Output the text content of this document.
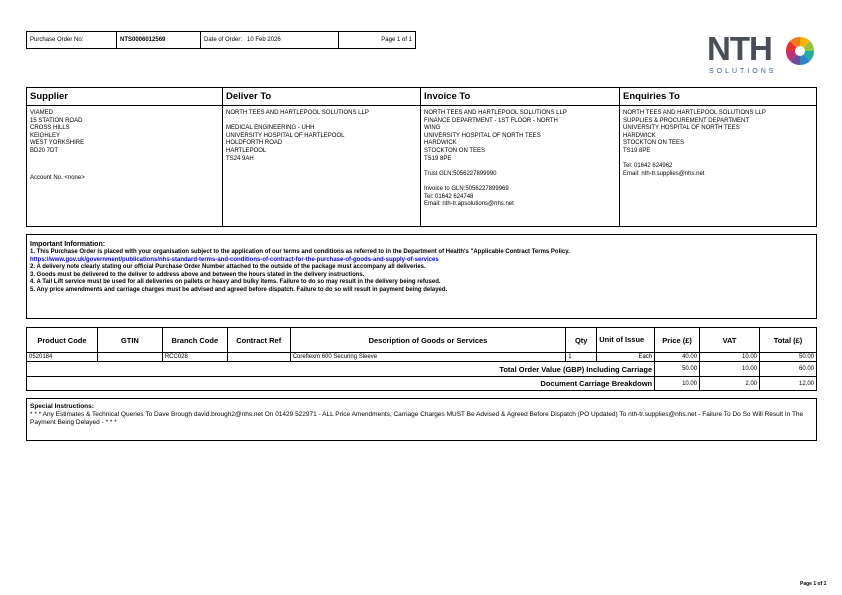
Purchase Order No:	NTS0006012569	Date of Order: 10 Feb 2026	Page 1 of 1	NTH
SOLUTIONS
Supplier
VIAMED
15 STATION ROAD
CROSS HILLS
KEIGHLEY
WEST YORKSHIRE
BD20 7DT
Account No. <none>
Deliver To
NORTH TEES AND HARTLEPOOL SOLUTIONS LLP

MEDICAL ENGINEERING - UHH
UNIVERSITY HOSPITAL OF HARTLEPOOL
HOLDFORTH ROAD
HARTLEPOOL
TS24 9AH
Invoice To
NORTH TEES AND HARTLEPOOL SOLUTIONS LLP
FINANCE DEPARTMENT - 1ST FLOOR - NORTH
WING
UNIVERSITY HOSPITAL OF NORTH TEES
HARDWICK
STOCKTON ON TEES
TS19 8PE

Trust GLN:5056227899990

Invoice to GLN:5056227899969
Tel: 01642 624748
Email: nth-tr.apsolutions@nhs.net
Enquiries To
NORTH TEES AND HARTLEPOOL SOLUTIONS LLP
SUPPLIES & PROCUREMENT DEPARTMENT
UNIVERSITY HOSPITAL OF NORTH TEES
HARDWICK
STOCKTON ON TEES
TS19 8PE

Tel: 01642 624962
Email: nth-tr.supplies@nhs.net
Important Information:
1. This Purchase Order is placed with your organisation subject to the application of our terms and conditions as referred to in the Department of Health's "Applicable Contract Terms Policy.
https://www.gov.uk/government/publications/nhs-standard-terms-and-conditions-of-contract-for-the-purchase-of-goods-and-supply-of-services
2. A delivery note clearly stating our official Purchase Order Number attached to the outside of the package must accompany all deliveries.
3. Goods must be delivered to the deliver to address above and between the hours stated in the delivery instructions.
4. A Tail Lift service must be used for all deliveries on pallets or heavy and bulky items. Failure to do so may result in the delivery being refused.
5. Any price amendments and carriage charges must be advised and agreed before dispatch. Failure to do so will result in payment being delayed.
Product Code	GTIN	Branch Code	Contract Ref	Description of Goods or Services	Qty	Unit of Issue	Price (£)	VAT	Total (£)
0520184		RCC028		Coreflexm 600 Securing Sleeve	1	Each	40.00	10.00	50.00
Total Order Value (GBP) Including Carriage							50.00	10.00	60.00
Document Carriage Breakdown							10.00	2.00	12.00
Special Instructions:
* * * Any Estimates & Technical Queries To Dave Brough david.brough2@nhs.net On 01429 522971 - ALL Price Amendments, Carriage Charges MUST Be Advised & Agreed Before Dispatch (PO Updated) To nth-tr.supplies@nhs.net - Failure To Do So Will Result In The Payment Being Delayed - * * *
Page 1 of 1
